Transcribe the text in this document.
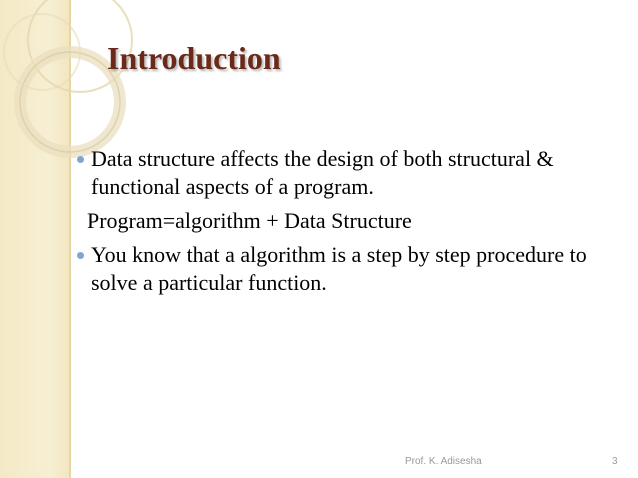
Introduction
Data structure affects the design of both structural & functional aspects of a program.
Program=algorithm + Data Structure
You know that a algorithm is a step by step procedure to solve a particular function.
Prof. K. Adisesha	3
